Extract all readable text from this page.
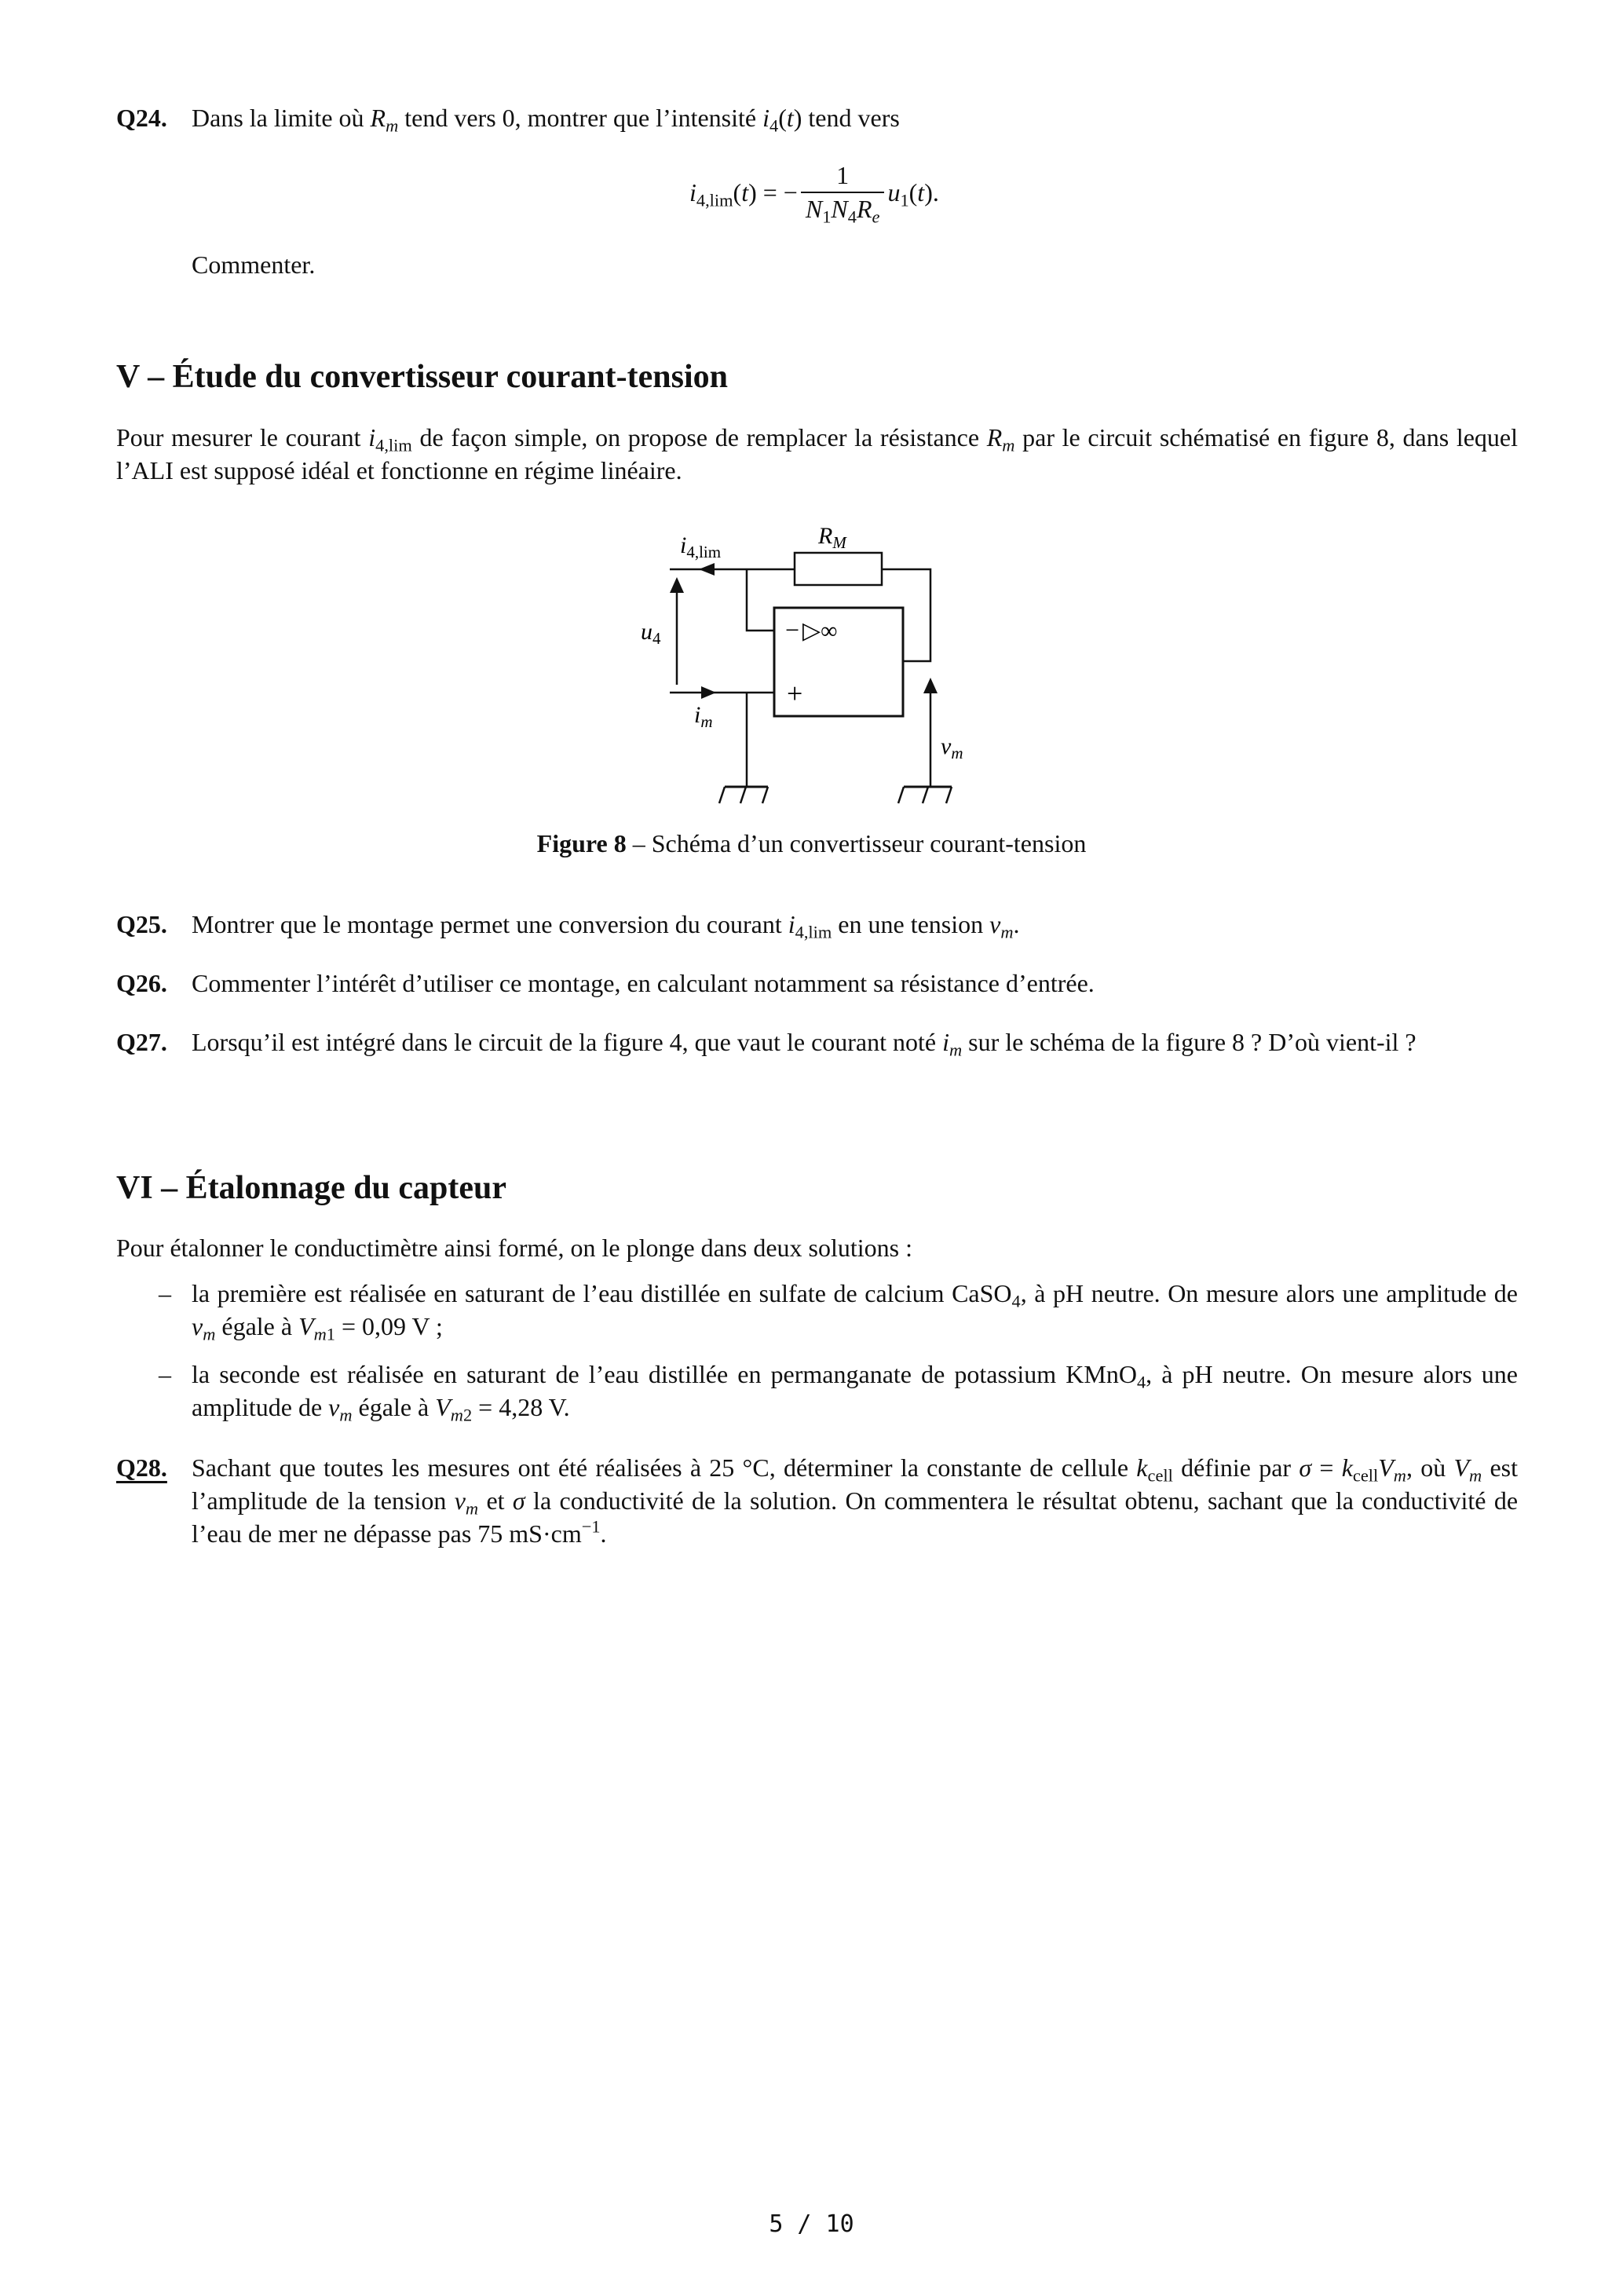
Q24. Dans la limite où $R_m$ tend vers 0, montrer que l’intensité $i_4(t)$ tend vers
$i_{4,lim}(t)$ = − $\frac{1}{N_1N_4R_e} u_1(t)$.
Commenter.
V – Étude du convertisseur courant-tension
Pour mesurer le courant $i_{4,lim}$ de façon simple, on propose de remplacer la résistance $R_m$ par le circuit schématisé en figure 8, dans lequel l’ALI est supposé idéal et fonctionne en régime linéaire.
$i_{4,lim}$
$R_M$
$u_4$
$i_m$
$v_m$
− ▷∞
+
Figure 8 – Schéma d’un convertisseur courant-tension
Q25. Montrer que le montage permet une conversion du courant $i_{4,lim}$ en une tension $v_m$.
Q26. Commenter l’intérêt d’utiliser ce montage, en calculant notamment sa résistance d’entrée.
Q27. Lorsqu’il est intégré dans le circuit de la figure 4, que vaut le courant noté $i_m$ sur le schéma de la figure 8 ? D’où vient-il ?
VI – Étalonnage du capteur
Pour étalonner le conductimètre ainsi formé, on le plonge dans deux solutions :
– la première est réalisée en saturant de l’eau distillée en sulfate de calcium CaSO$_4$, à pH neutre. On mesure alors une amplitude de $v_m$ égale à $V_{m1} = 0,09$ V ;
– la seconde est réalisée en saturant de l’eau distillée en permanganate de potassium KMnO$_4$, à pH neutre. On mesure alors une amplitude de $v_m$ égale à $V_{m2} = 4,28$ V.
Q28. Sachant que toutes les mesures ont été réalisées à 25 °C, déterminer la constante de cellule $k_{cell}$ définie par $\sigma = k_{cell}V_m$, où $V_m$ est l’amplitude de la tension $v_m$ et σ la conductivité de la solution. On commentera le résultat obtenu, sachant que la conductivité de l’eau de mer ne dépasse pas 75 $mS\cdot cm^{-1}$.
5 / 10
